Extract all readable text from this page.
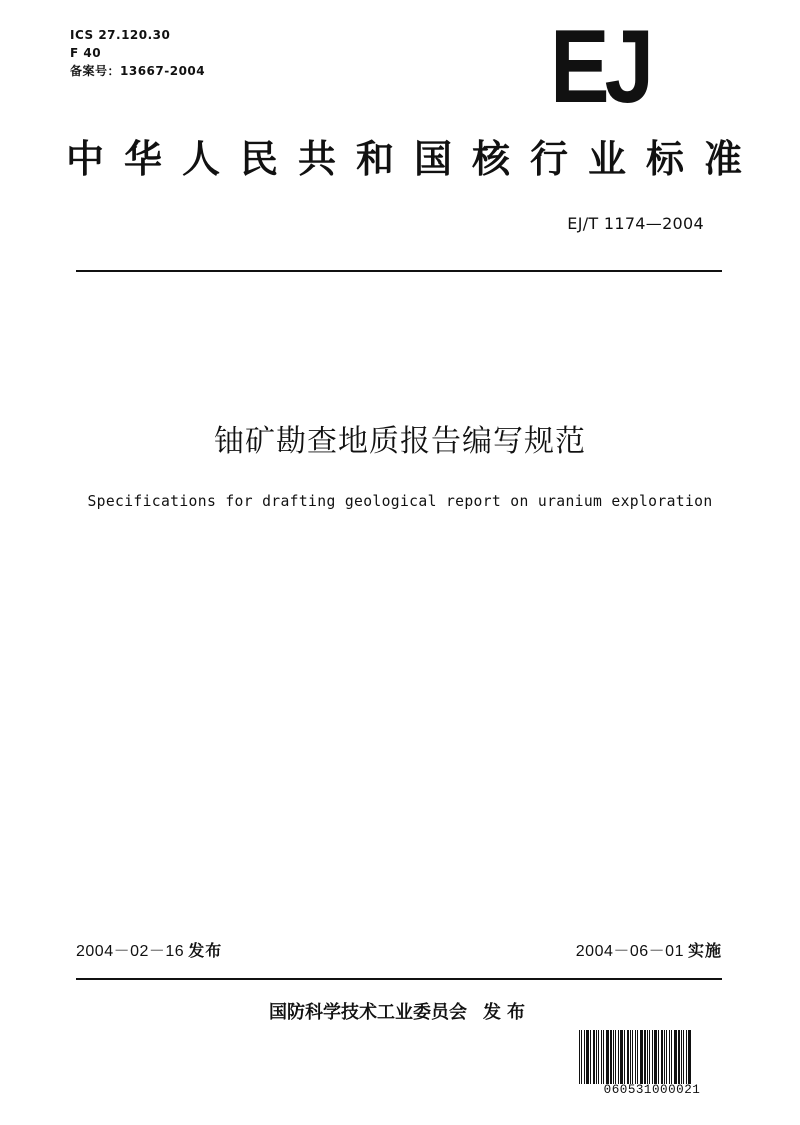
ICS 27.120.30
F 40
备案号：13667-2004	EJ
中华人民共和国核行业标准
EJ/T 1174—2004
铀矿勘查地质报告编写规范
Specifications for drafting geological report on uranium exploration
2004－02－16 发布	2004－06－01 实施
国防科学技术工业委员会 发布
060531000021
